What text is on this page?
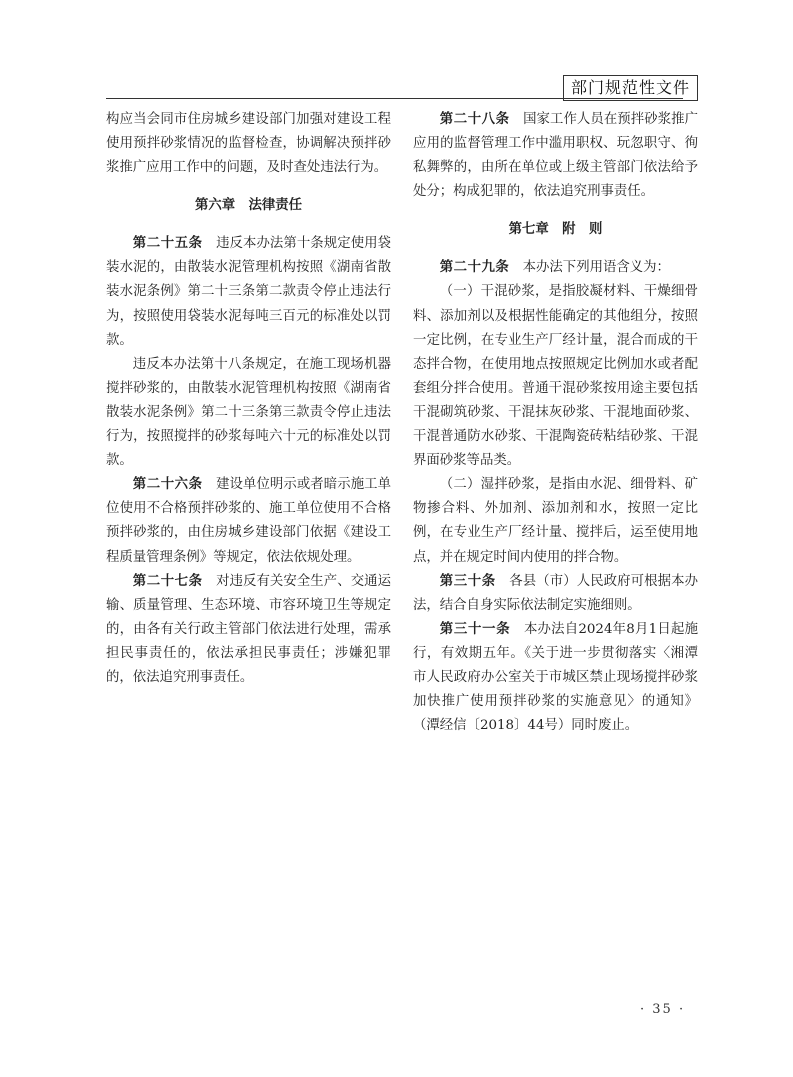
部门规范性文件

构应当会同市住房城乡建设部门加强对建设工程使用预拌砂浆情况的监督检查，协调解决预拌砂浆推广应用工作中的问题，及时查处违法行为。

第六章　法律责任

第二十五条　违反本办法第十条规定使用袋装水泥的，由散装水泥管理机构按照《湖南省散装水泥条例》第二十三条第二款责令停止违法行为，按照使用袋装水泥每吨三百元的标准处以罚款。

违反本办法第十八条规定，在施工现场机器搅拌砂浆的，由散装水泥管理机构按照《湖南省散装水泥条例》第二十三条第三款责令停止违法行为，按照搅拌的砂浆每吨六十元的标准处以罚款。

第二十六条　建设单位明示或者暗示施工单位使用不合格预拌砂浆的、施工单位使用不合格预拌砂浆的，由住房城乡建设部门依据《建设工程质量管理条例》等规定，依法依规处理。

第二十七条　对违反有关安全生产、交通运输、质量管理、生态环境、市容环境卫生等规定的，由各有关行政主管部门依法进行处理，需承担民事责任的，依法承担民事责任；涉嫌犯罪的，依法追究刑事责任。

第二十八条　国家工作人员在预拌砂浆推广应用的监督管理工作中滥用职权、玩忽职守、徇私舞弊的，由所在单位或上级主管部门依法给予处分；构成犯罪的，依法追究刑事责任。

第七章　附　则

第二十九条　本办法下列用语含义为：

（一）干混砂浆，是指胶凝材料、干燥细骨料、添加剂以及根据性能确定的其他组分，按照一定比例，在专业生产厂经计量，混合而成的干态拌合物，在使用地点按照规定比例加水或者配套组分拌合使用。普通干混砂浆按用途主要包括干混砌筑砂浆、干混抹灰砂浆、干混地面砂浆、干混普通防水砂浆、干混陶瓷砖粘结砂浆、干混界面砂浆等品类。

（二）湿拌砂浆，是指由水泥、细骨料、矿物掺合料、外加剂、添加剂和水，按照一定比例，在专业生产厂经计量、搅拌后，运至使用地点，并在规定时间内使用的拌合物。

第三十条　各县（市）人民政府可根据本办法，结合自身实际依法制定实施细则。

第三十一条　本办法自2024年8月1日起施行，有效期五年。《关于进一步贯彻落实〈湘潭市人民政府办公室关于市城区禁止现场搅拌砂浆加快推广使用预拌砂浆的实施意见〉的通知》（潭经信〔2018〕44号）同时废止。

· 35 ·
